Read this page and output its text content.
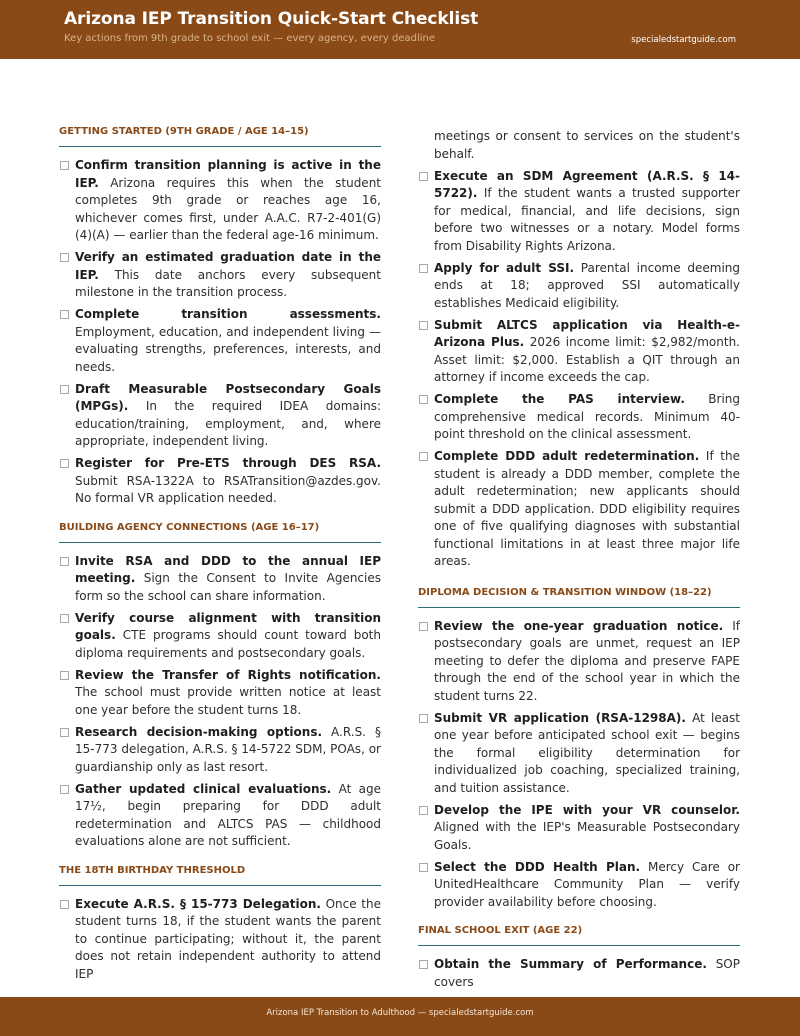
Arizona IEP Transition Quick-Start Checklist
Key actions from 9th grade to school exit — every agency, every deadline	specialedstartguide.com
GETTING STARTED (9TH GRADE / AGE 14–15)
Confirm transition planning is active in the IEP. Arizona requires this when the student completes 9th grade or reaches age 16, whichever comes first, under A.A.C. R7-2-401(G)(4)(A) — earlier than the federal age-16 minimum.
Verify an estimated graduation date in the IEP. This date anchors every subsequent milestone in the transition process.
Complete transition assessments. Employment, education, and independent living — evaluating strengths, preferences, interests, and needs.
Draft Measurable Postsecondary Goals (MPGs). In the required IDEA domains: education/training, employment, and, where appropriate, independent living.
Register for Pre-ETS through DES RSA. Submit RSA-1322A to RSATransition@azdes.gov. No formal VR application needed.
BUILDING AGENCY CONNECTIONS (AGE 16–17)
Invite RSA and DDD to the annual IEP meeting. Sign the Consent to Invite Agencies form so the school can share information.
Verify course alignment with transition goals. CTE programs should count toward both diploma requirements and postsecondary goals.
Review the Transfer of Rights notification. The school must provide written notice at least one year before the student turns 18.
Research decision-making options. A.R.S. § 15-773 delegation, A.R.S. § 14-5722 SDM, POAs, or guardianship only as last resort.
Gather updated clinical evaluations. At age 17½, begin preparing for DDD adult redetermination and ALTCS PAS — childhood evaluations alone are not sufficient.
THE 18TH BIRTHDAY THRESHOLD
Execute A.R.S. § 15-773 Delegation. Once the student turns 18, if the student wants the parent to continue participating; without it, the parent does not retain independent authority to attend IEP
meetings or consent to services on the student's behalf.
Execute an SDM Agreement (A.R.S. § 14-5722). If the student wants a trusted supporter for medical, financial, and life decisions, sign before two witnesses or a notary. Model forms from Disability Rights Arizona.
Apply for adult SSI. Parental income deeming ends at 18; approved SSI automatically establishes Medicaid eligibility.
Submit ALTCS application via Health-e-Arizona Plus. 2026 income limit: $2,982/month. Asset limit: $2,000. Establish a QIT through an attorney if income exceeds the cap.
Complete the PAS interview. Bring comprehensive medical records. Minimum 40-point threshold on the clinical assessment.
Complete DDD adult redetermination. If the student is already a DDD member, complete the adult redetermination; new applicants should submit a DDD application. DDD eligibility requires one of five qualifying diagnoses with substantial functional limitations in at least three major life areas.
DIPLOMA DECISION & TRANSITION WINDOW (18–22)
Review the one-year graduation notice. If postsecondary goals are unmet, request an IEP meeting to defer the diploma and preserve FAPE through the end of the school year in which the student turns 22.
Submit VR application (RSA-1298A). At least one year before anticipated school exit — begins the formal eligibility determination for individualized job coaching, specialized training, and tuition assistance.
Develop the IPE with your VR counselor. Aligned with the IEP's Measurable Postsecondary Goals.
Select the DDD Health Plan. Mercy Care or UnitedHealthcare Community Plan — verify provider availability before choosing.
FINAL SCHOOL EXIT (AGE 22)
Obtain the Summary of Performance. SOP covers
Arizona IEP Transition to Adulthood — specialedstartguide.com
